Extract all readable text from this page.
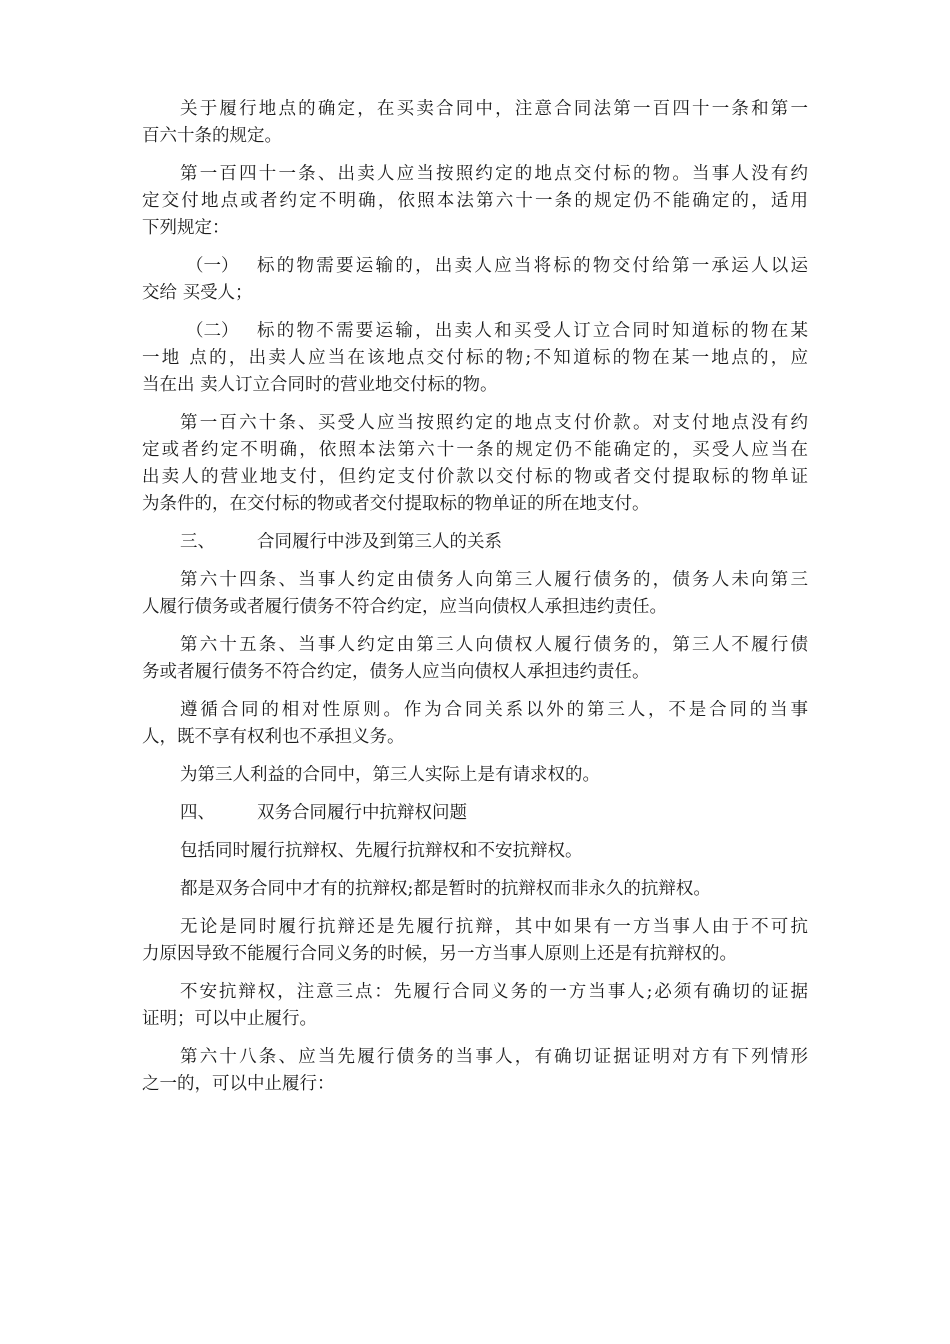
关于履行地点的确定，在买卖合同中，注意合同法第一百四十一条和第一
百六十条的规定。
第一百四十一条、出卖人应当按照约定的地点交付标的物。当事人没有约
定交付地点或者约定不明确，依照本法第六十一条的规定仍不能确定的，适用
下列规定：
（一）	标的物需要运输的，出卖人应当将标的物交付给第一承运人以运
交给 买受人；
（二）	标的物不需要运输，出卖人和买受人订立合同时知道标的物在某
一地 点的，出卖人应当在该地点交付标的物;不知道标的物在某一地点的，应
当在出 卖人订立合同时的营业地交付标的物。
第一百六十条、买受人应当按照约定的地点支付价款。对支付地点没有约
定或者约定不明确，依照本法第六十一条的规定仍不能确定的，买受人应当在
出卖人的营业地支付，但约定支付价款以交付标的物或者交付提取标的物单证
为条件的，在交付标的物或者交付提取标的物单证的所在地支付。
三、	合同履行中涉及到第三人的关系
第六十四条、当事人约定由债务人向第三人履行债务的，债务人未向第三
人履行债务或者履行债务不符合约定，应当向债权人承担违约责任。
第六十五条、当事人约定由第三人向债权人履行债务的，第三人不履行债
务或者履行债务不符合约定，债务人应当向债权人承担违约责任。
遵循合同的相对性原则。作为合同关系以外的第三人，不是合同的当事
人，既不享有权利也不承担义务。
为第三人利益的合同中，第三人实际上是有请求权的。
四、	双务合同履行中抗辩权问题
包括同时履行抗辩权、先履行抗辩权和不安抗辩权。
都是双务合同中才有的抗辩权;都是暂时的抗辩权而非永久的抗辩权。
无论是同时履行抗辩还是先履行抗辩，其中如果有一方当事人由于不可抗
力原因导致不能履行合同义务的时候，另一方当事人原则上还是有抗辩权的。
不安抗辩权，注意三点：先履行合同义务的一方当事人;必须有确切的证据
证明；可以中止履行。
第六十八条、应当先履行债务的当事人，有确切证据证明对方有下列情形
之一的，可以中止履行：
